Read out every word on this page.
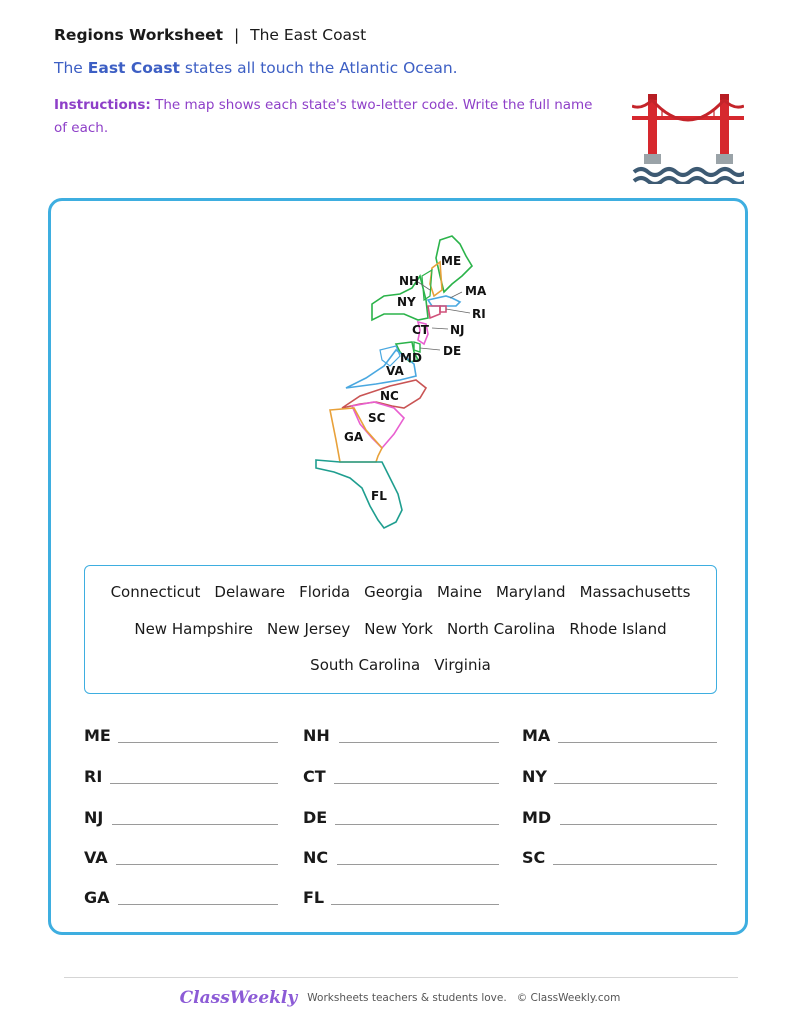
Regions Worksheet | The East Coast
The East Coast states all touch the Atlantic Ocean.
Instructions: The map shows each state's two-letter code. Write the full name of each.
ME
NH
NY
MA
RI
CT NJ
DE
MD
VA
NC
SC
GA
FL
Connecticut Delaware Florida Georgia Maine Maryland Massachusetts
New Hampshire New Jersey New York North Carolina Rhode Island
South Carolina Virginia
ME	NH	MA
RI	CT	NY
NJ	DE	MD
VA	NC	SC
GA	FL
ClassWeekly Worksheets teachers & students love. © ClassWeekly.com
